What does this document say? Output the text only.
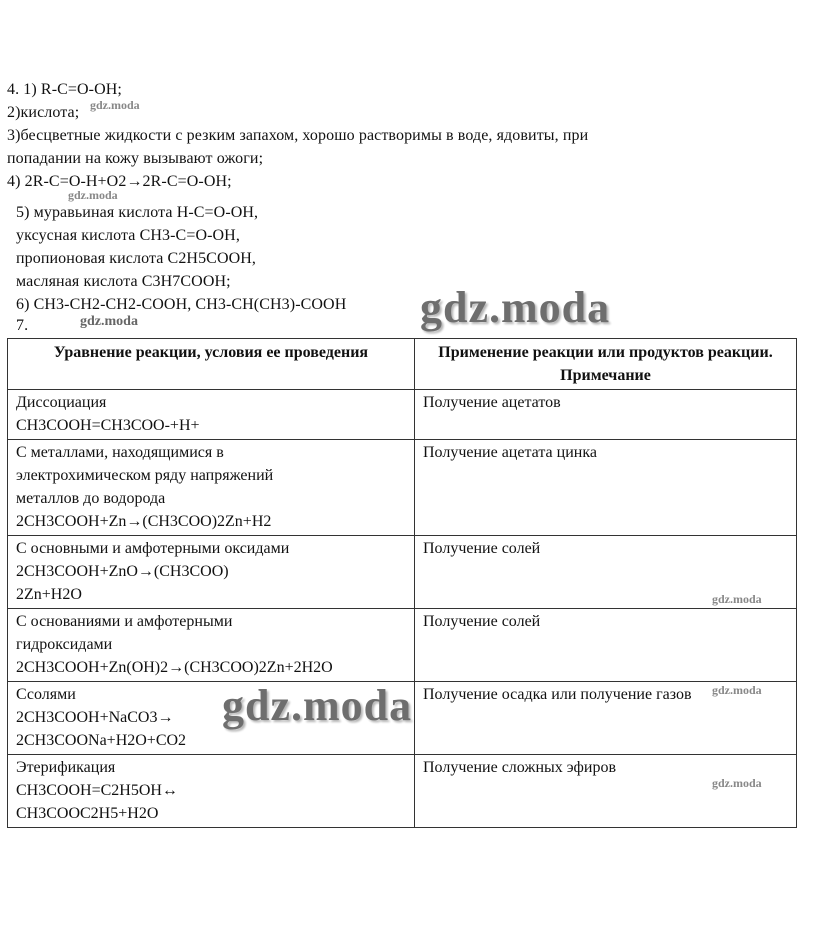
4. 1) R-C=O-OH;
2)кислота;
3)бесцветные жидкости с резким запахом, хорошо растворимы в воде, ядовиты, при
попадании на кожу вызывают ожоги;
4) 2R-C=O-H+O2→2R-C=O-OH;
5) муравьиная кислота H-C=O-OH,
уксусная кислота CH3-C=O-OH,
пропионовая кислота C2H5COOH,
масляная кислота C3H7COOH;
6) CH3-CH2-CH2-COOH, CH3-CH(CH3)-COOH
7.
Уравнение реакции, условия ее проведения	Применение реакции или продуктов реакции. Примечание
Диссоциация
CH3COOH=CH3COO-+H+	Получение ацетатов
С металлами, находящимися в
электрохимическом ряду напряжений
металлов до водорода
2CH3COOH+Zn→(CH3COO)2Zn+H2	Получение ацетата цинка
С основными и амфотерными оксидами
2CH3COOH+ZnO→(CH3COO)
2Zn+H2O	Получение солей
С основаниями и амфотерными
гидроксидами
2CH3COOH+Zn(OH)2→(CH3COO)2Zn+2H2O	Получение солей
Ссолями
2CH3COOH+NaCO3→
2CH3COONa+H2O+CO2	Получение осадка или получение газов
Этерификация
CH3COOH=C2H5OH↔
CH3COOC2H5+H2O	Получение сложных эфиров
gdz.moda
gdz.moda
gdz.moda
gdz.moda
gdz.moda
gdz.moda
gdz.moda
gdz.moda
